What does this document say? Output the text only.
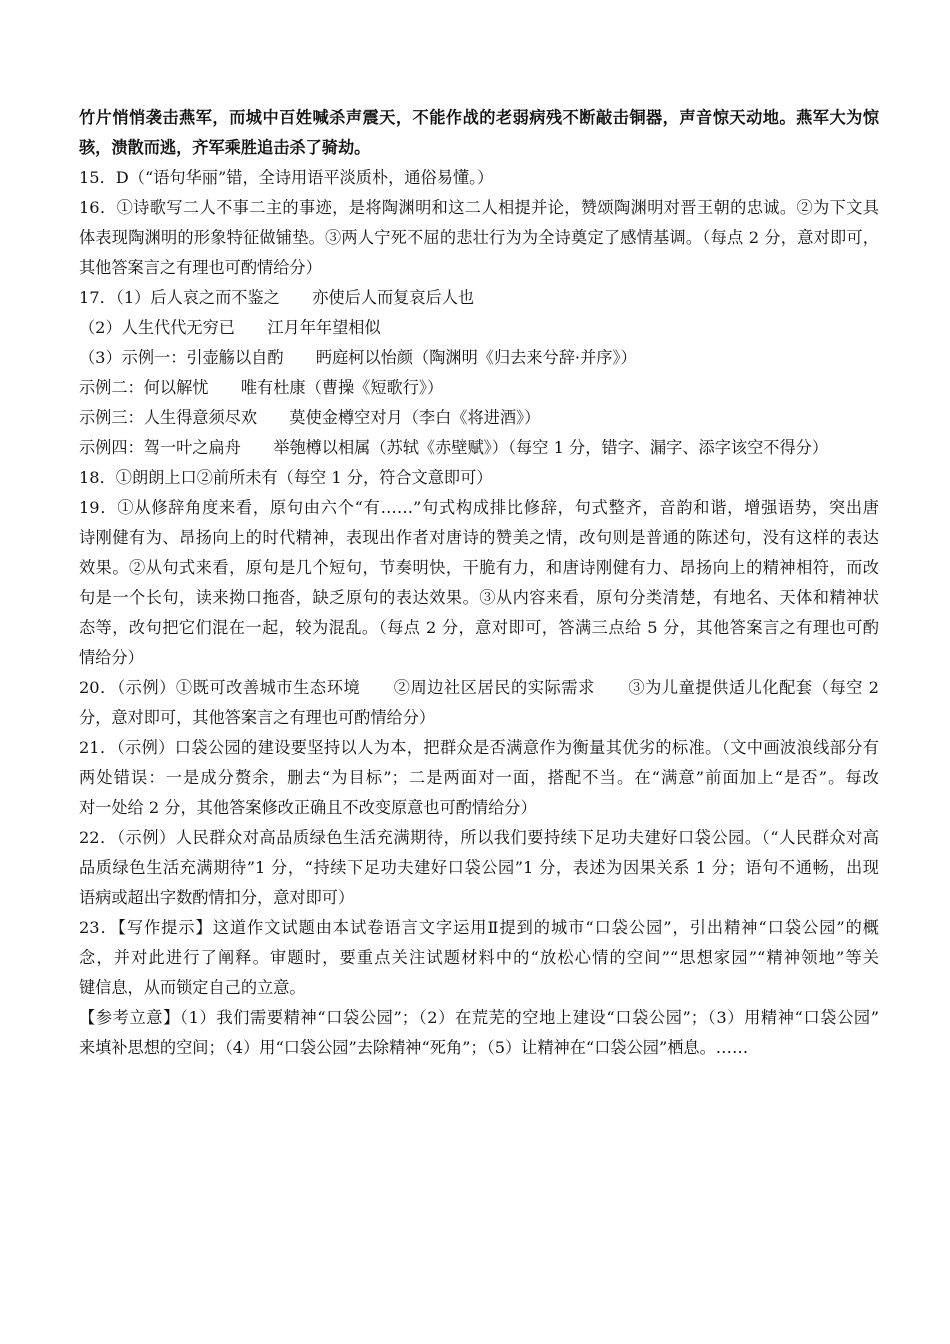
竹片悄悄袭击燕军，而城中百姓喊杀声震天，不能作战的老弱病残不断敲击铜器，声音惊天动地。燕军大为惊
骇，溃散而逃，齐军乘胜追击杀了骑劫。
15．D（“语句华丽”错，全诗用语平淡质朴，通俗易懂。）
16．①诗歌写二人不事二主的事迹，是将陶渊明和这二人相提并论，赞颂陶渊明对晋王朝的忠诚。②为下文具
体表现陶渊明的形象特征做铺垫。③两人宁死不屈的悲壮行为为全诗奠定了感情基调。（每点 2 分，意对即可，
其他答案言之有理也可酌情给分）
17．（1）后人哀之而不鉴之　　亦使后人而复哀后人也
（2）人生代代无穷已　　江月年年望相似
（3）示例一：引壶觞以自酌　　眄庭柯以怡颜（陶渊明《归去来兮辞·并序》）
示例二：何以解忧　　唯有杜康（曹操《短歌行》）
示例三：人生得意须尽欢　　莫使金樽空对月（李白《将进酒》）
示例四：驾一叶之扁舟　　举匏樽以相属（苏轼《赤壁赋》）（每空 1 分，错字、漏字、添字该空不得分）
18．①朗朗上口②前所未有（每空 1 分，符合文意即可）
19．①从修辞角度来看，原句由六个“有……”句式构成排比修辞，句式整齐，音韵和谐，增强语势，突出唐
诗刚健有为、昂扬向上的时代精神，表现出作者对唐诗的赞美之情，改句则是普通的陈述句，没有这样的表达
效果。②从句式来看，原句是几个短句，节奏明快，干脆有力，和唐诗刚健有力、昂扬向上的精神相符，而改
句是一个长句，读来拗口拖沓，缺乏原句的表达效果。③从内容来看，原句分类清楚，有地名、天体和精神状
态等，改句把它们混在一起，较为混乱。（每点 2 分，意对即可，答满三点给 5 分，其他答案言之有理也可酌
情给分）
20．（示例）①既可改善城市生态环境　　②周边社区居民的实际需求　　③为儿童提供适儿化配套（每空 2
分，意对即可，其他答案言之有理也可酌情给分）
21．（示例）口袋公园的建设要坚持以人为本，把群众是否满意作为衡量其优劣的标准。（文中画波浪线部分有
两处错误：一是成分赘余，删去“为目标”；二是两面对一面，搭配不当。在“满意”前面加上“是否”。每改
对一处给 2 分，其他答案修改正确且不改变原意也可酌情给分）
22．（示例）人民群众对高品质绿色生活充满期待，所以我们要持续下足功夫建好口袋公园。（“人民群众对高
品质绿色生活充满期待”1 分，“持续下足功夫建好口袋公园”1 分，表述为因果关系 1 分；语句不通畅，出现
语病或超出字数酌情扣分，意对即可）
23．【写作提示】这道作文试题由本试卷语言文字运用Ⅱ提到的城市“口袋公园”，引出精神“口袋公园”的概
念，并对此进行了阐释。审题时，要重点关注试题材料中的“放松心情的空间”“思想家园”“精神领地”等关
键信息，从而锁定自己的立意。
【参考立意】（1）我们需要精神“口袋公园”；（2）在荒芜的空地上建设“口袋公园”；（3）用精神“口袋公园”
来填补思想的空间；（4）用“口袋公园”去除精神“死角”；（5）让精神在“口袋公园”栖息。……
